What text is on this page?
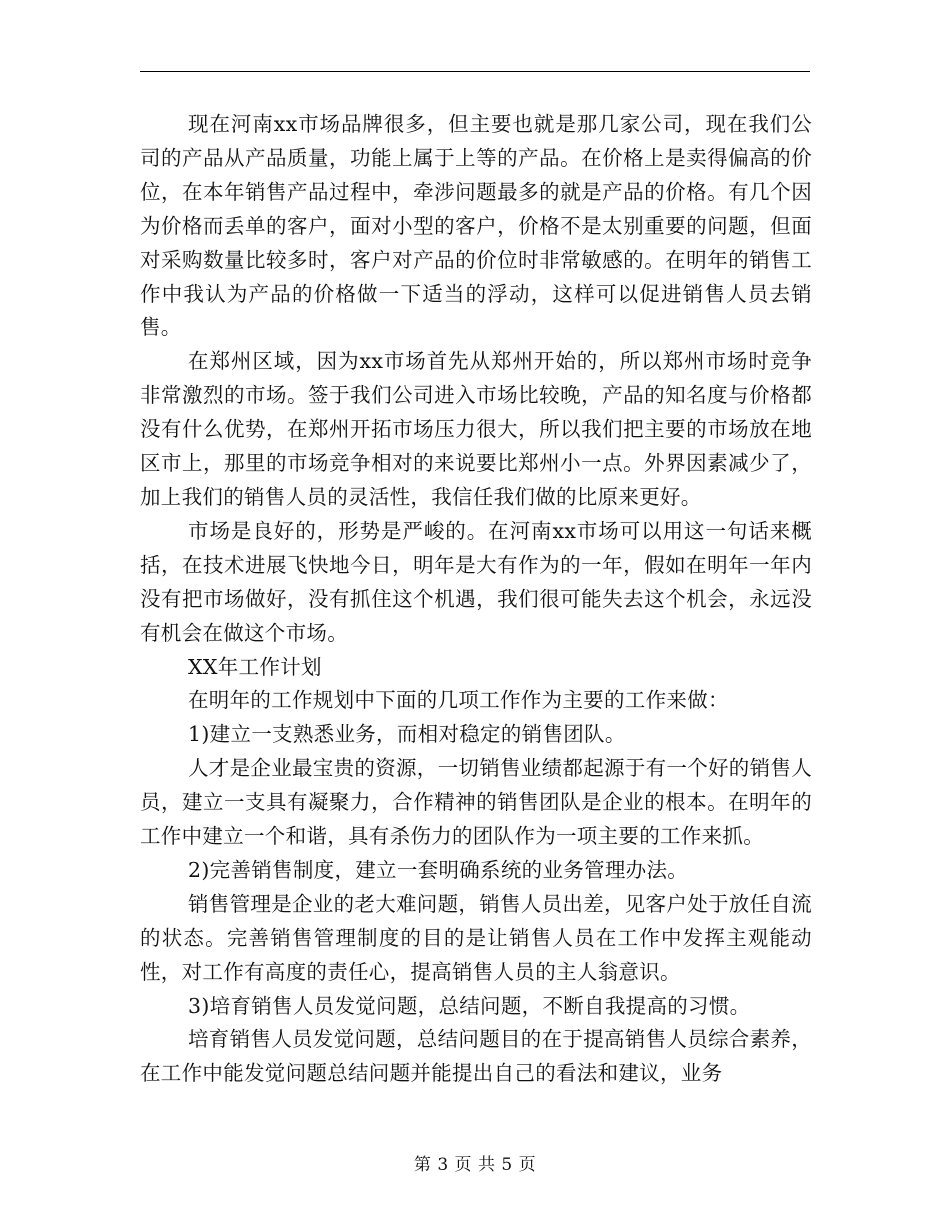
现在河南xx市场品牌很多，但主要也就是那几家公司，现在我们公司的产品从产品质量，功能上属于上等的产品。在价格上是卖得偏高的价位，在本年销售产品过程中，牵涉问题最多的就是产品的价格。有几个因为价格而丢单的客户，面对小型的客户，价格不是太别重要的问题，但面对采购数量比较多时，客户对产品的价位时非常敏感的。在明年的销售工作中我认为产品的价格做一下适当的浮动，这样可以促进销售人员去销售。

在郑州区域，因为xx市场首先从郑州开始的，所以郑州市场时竞争非常激烈的市场。签于我们公司进入市场比较晚，产品的知名度与价格都没有什么优势，在郑州开拓市场压力很大，所以我们把主要的市场放在地区市上，那里的市场竞争相对的来说要比郑州小一点。外界因素减少了，加上我们的销售人员的灵活性，我信任我们做的比原来更好。

市场是良好的，形势是严峻的。在河南xx市场可以用这一句话来概括，在技术进展飞快地今日，明年是大有作为的一年，假如在明年一年内没有把市场做好，没有抓住这个机遇，我们很可能失去这个机会，永远没有机会在做这个市场。

XX年工作计划

在明年的工作规划中下面的几项工作作为主要的工作来做：

1)建立一支熟悉业务，而相对稳定的销售团队。

人才是企业最宝贵的资源，一切销售业绩都起源于有一个好的销售人员，建立一支具有凝聚力，合作精神的销售团队是企业的根本。在明年的工作中建立一个和谐，具有杀伤力的团队作为一项主要的工作来抓。

2)完善销售制度，建立一套明确系统的业务管理办法。

销售管理是企业的老大难问题，销售人员出差，见客户处于放任自流的状态。完善销售管理制度的目的是让销售人员在工作中发挥主观能动性，对工作有高度的责任心，提高销售人员的主人翁意识。

3)培育销售人员发觉问题，总结问题，不断自我提高的习惯。

培育销售人员发觉问题，总结问题目的在于提高销售人员综合素养，在工作中能发觉问题总结问题并能提出自己的看法和建议，业务

第 3 页 共 5 页
